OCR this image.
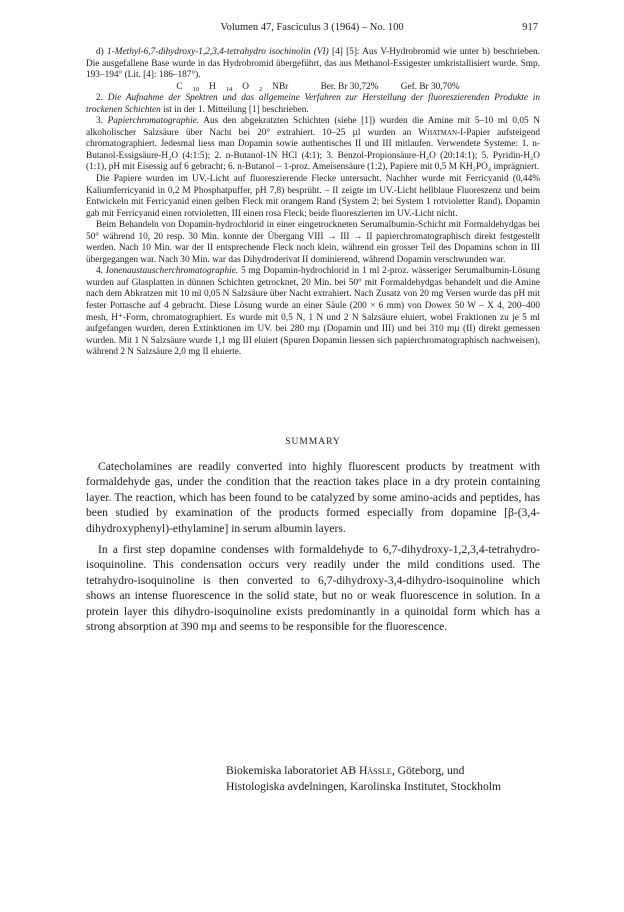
Volumen 47, Fasciculus 3 (1964) – No. 100	917

d) 1-Methyl-6,7-dihydroxy-1,2,3,4-tetrahydro isochinolin (VI) [4] [5]: Aus V-Hydrobromid wie unter b) beschrieben. Die ausgefallene Base wurde in das Hydrobromid übergeführt, das aus Methanol-Essigester umkristallisiert wurde. Smp. 193–194° (Lit. [4]: 186–187°).

C $_{10}$ H $_{14}$ O $_2$ NBr	Ber. Br 30,72% Gef. Br 30,70%

2. Die Aufnahme der Spektren und das allgemeine Verfahren zur Herstellung der fluoreszierenden Produkte in trockenen Schichten ist in der 1. Mitteilung [1] beschrieben.

3. Papierchromatographie. Aus den abgekratzten Schichten (siehe [1]) wurden die Amine mit 5–10 ml 0,05 N alkoholischer Salzsäure über Nacht bei 20° extrahiert. 10–25 µl wurden an Whatman-I-Papier aufsteigend chromatographiert. Jedesmal liess man Dopamin sowie authentisches II und III mitlaufen. Verwendete Systeme: 1. n-Butanol-Essigsäure-H₂O (4:1:5); 2. n-Butanol-1N HCl (4:1); 3. Benzol-Propionsäure-H₂O (20:14:1); 5. Pyridin-H₂O (1:1), pH mit Eisessig auf 6 gebracht; 6. n-Butanol – 1-proz. Ameisensäure (1:2), Papiere mit 0,5 M KH₂PO₄ imprägniert.

Die Papiere wurden im UV.-Licht auf fluoreszierende Flecke untersucht. Nachher wurde mit Ferricyanid (0,44% Kaliumferricyanid in 0,2 M Phosphatpuffer, pH 7,8) besprüht. – II zeigte im UV.-Licht hellblaue Fluoreszenz und beim Entwickeln mit Ferricyanid einen gelben Fleck mit orangem Rand (System 2; bei System 1 rotvioletter Rand). Dopamin gab mit Ferricyanid einen rotvioletten, III einen rosa Fleck; beide fluoreszierten im UV.-Licht nicht.

Beim Behandeln von Dopamin-hydrochlorid in einer eingetrockneten Serumalbumin-Schicht mit Formaldehydgas bei 50° während 10, 20 resp. 30 Min. konnte der Übergang VIII → III → II papierchromatographisch direkt festgestellt werden. Nach 10 Min. war der II entsprechende Fleck noch klein, während ein grosser Teil des Dopamins schon in III übergegangen war. Nach 30 Min. war das Dihydroderivat II dominierend, während Dopamin verschwunden war.

4. Ionenaustauscherchromatographie. 5 mg Dopamin-hydrochlorid in 1 ml 2-proz. wässeriger Serumalbumin-Lösung wurden auf Glasplatten in dünnen Schichten getrocknet, 20 Min. bei 50° mit Formaldehydgas behandelt und die Amine nach dem Abkratzen mit 10 ml 0,05 N Salzsäure über Nacht extrahiert. Nach Zusatz von 20 mg Versen wurde das pH mit fester Pottasche auf 4 gebracht. Diese Lösung wurde an einer Säule (200 × 6 mm) von Dowex 50 W – X 4, 200–400 mesh, H⁺-Form, chromatographiert. Es wurde mit 0,5 N, 1 N und 2 N Salzsäure eluiert, wobei Fraktionen zu je 5 ml aufgefangen wurden, deren Extinktionen im UV. bei 280 mµ (Dopamin und III) und bei 310 mµ (II) direkt gemessen wurden. Mit 1 N Salzsäure wurde 1,1 mg III eluiert (Spuren Dopamin liessen sich papierchromatographisch nachweisen), während 2 N Salzsäure 2,0 mg II eluierte.

SUMMARY

Catecholamines are readily converted into highly fluorescent products by treatment with formaldehyde gas, under the condition that the reaction takes place in a dry protein containing layer. The reaction, which has been found to be catalyzed by some amino-acids and peptides, has been studied by examination of the products formed especially from dopamine [β-(3,4-dihydroxyphenyl)-ethylamine] in serum albumin layers.

In a first step dopamine condenses with formaldehyde to 6,7-dihydroxy-1,2,3,4-tetrahydro-isoquinoline. This condensation occurs very readily under the mild conditions used. The tetrahydro-isoquinoline is then converted to 6,7-dihydroxy-3,4-dihydro-isoquinoline which shows an intense fluorescence in the solid state, but no or weak fluorescence in solution. In a protein layer this dihydro-isoquinoline exists predominantly in a quinoidal form which has a strong absorption at 390 mµ and seems to be responsible for the fluorescence.

Biokemiska laboratoriet AB Hässle, Göteborg, und
Histologiska avdelningen, Karolinska Institutet, Stockholm
